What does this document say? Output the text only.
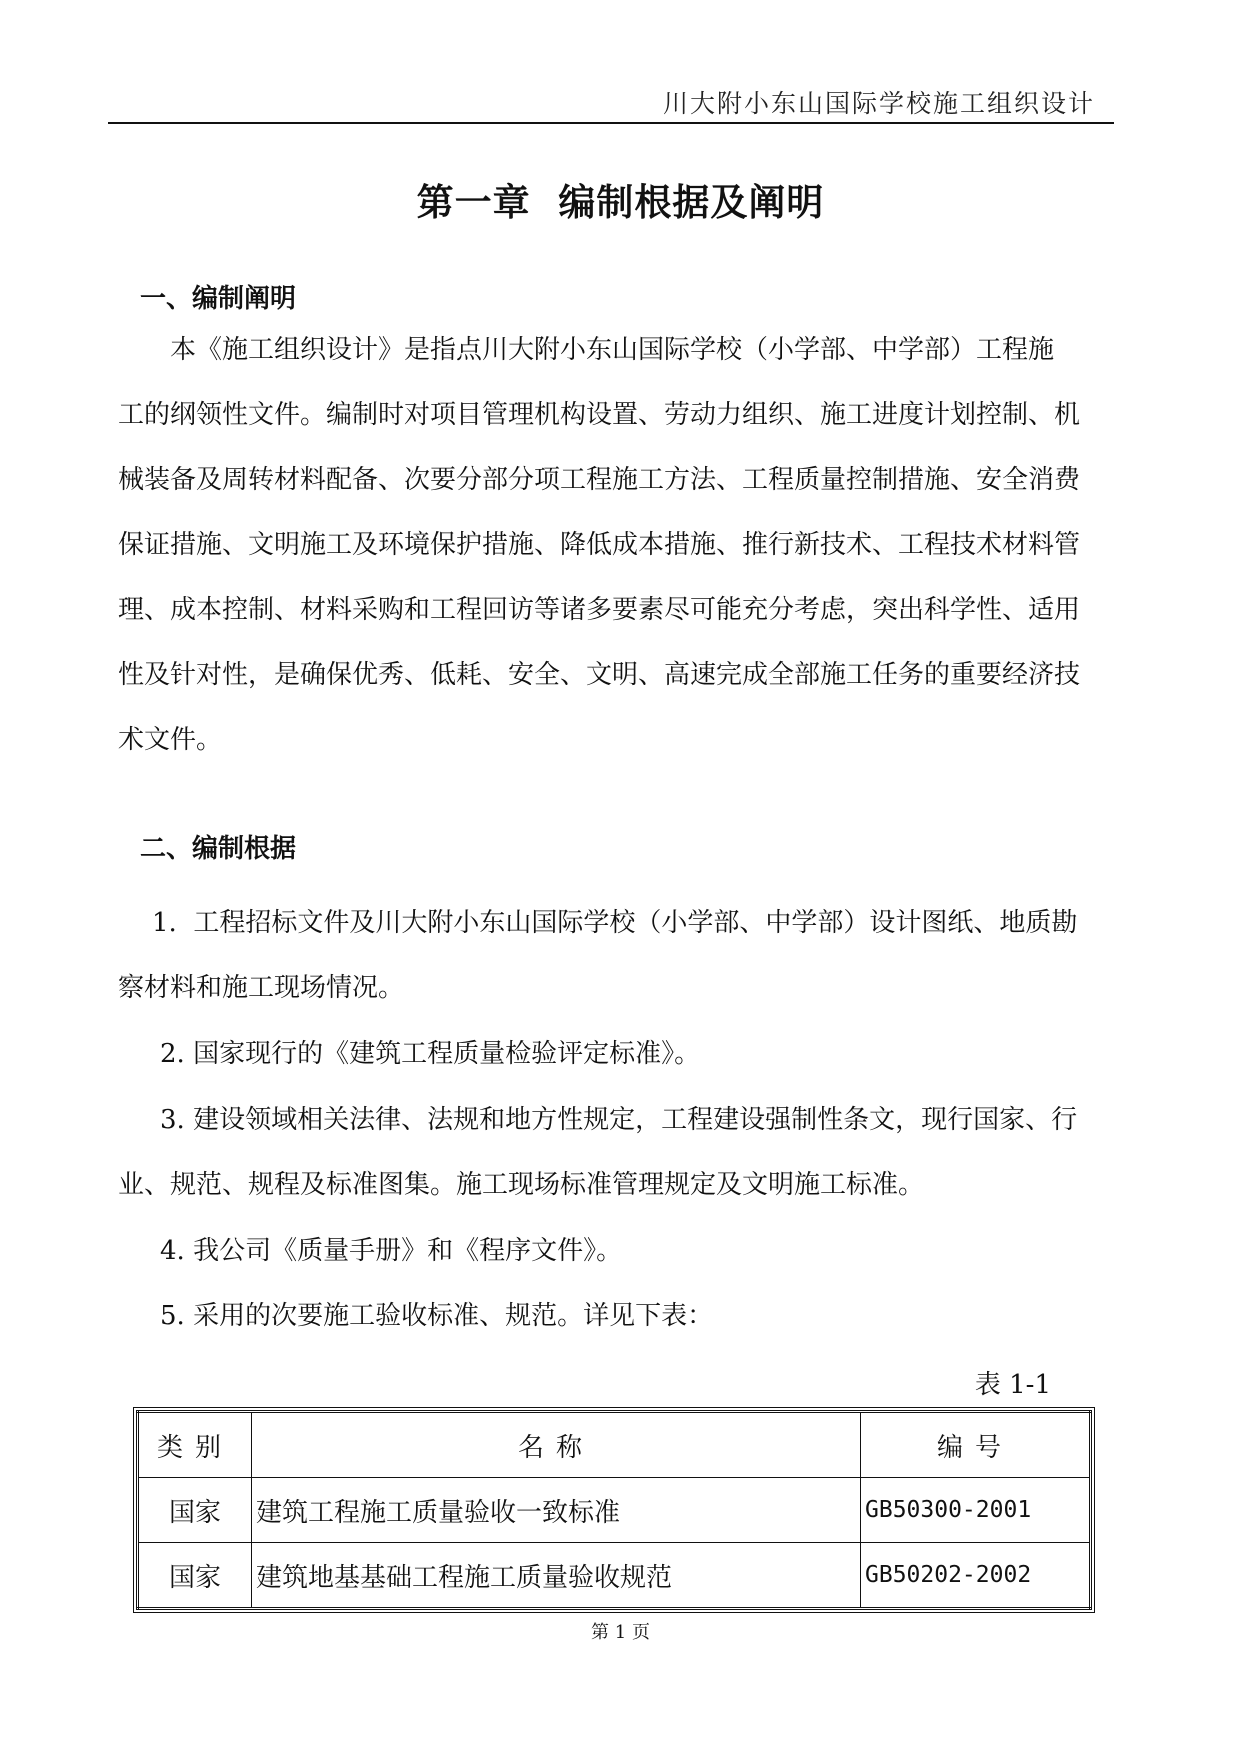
川大附小东山国际学校施工组织设计
第一章  编制根据及阐明
一、编制阐明
本《施工组织设计》是指点川大附小东山国际学校（小学部、中学部）工程施
工的纲领性文件。编制时对项目管理机构设置、劳动力组织、施工进度计划控制、机
械装备及周转材料配备、次要分部分项工程施工方法、工程质量控制措施、安全消费
保证措施、文明施工及环境保护措施、降低成本措施、推行新技术、工程技术材料管
理、成本控制、材料采购和工程回访等诸多要素尽可能充分考虑，突出科学性、适用
性及针对性，是确保优秀、低耗、安全、文明、高速完成全部施工任务的重要经济技
术文件。
二、编制根据
1.  工程招标文件及川大附小东山国际学校（小学部、中学部）设计图纸、地质勘
察材料和施工现场情况。
2. 国家现行的《建筑工程质量检验评定标准》。
3. 建设领域相关法律、法规和地方性规定，工程建设强制性条文，现行国家、行
业、规范、规程及标准图集。施工现场标准管理规定及文明施工标准。
4. 我公司《质量手册》和《程序文件》。
5. 采用的次要施工验收标准、规范。详见下表：
表 1-1
类别	名称	编号
国家	建筑工程施工质量验收一致标准	GB50300-2001
国家	建筑地基基础工程施工质量验收规范	GB50202-2002
第 1 页
